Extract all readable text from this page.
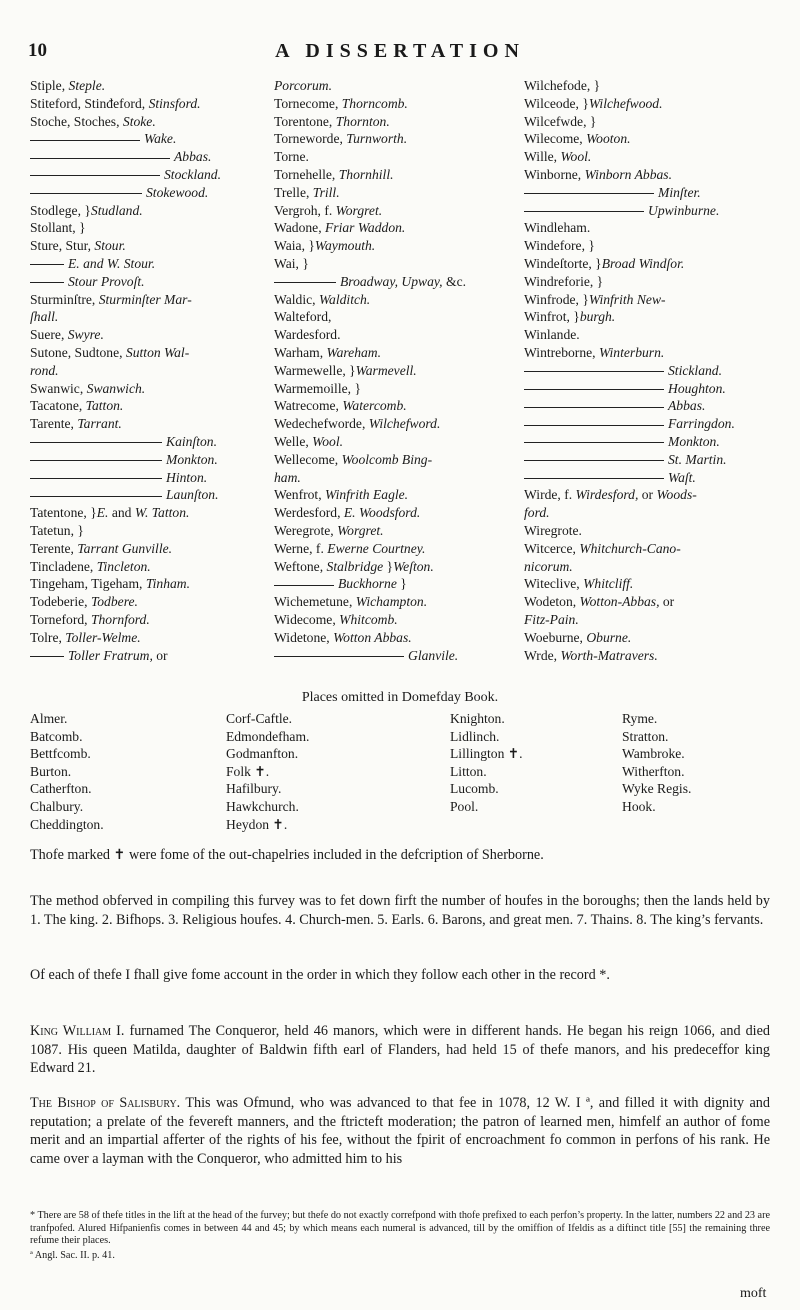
10	A DISSERTATION
Stiple, Steple.
Stiteford, Stinđeford, Stinsford.
Stoche, Stoches, Stoke.
Wake.
Abbas.
Stockland.
Stokewood.
Stodlege, }Studland.
Stollant, }
Sture, Stur, Stour.
E. and W. Stour.
Stour Provoſt.
Sturminſtre, Sturminſter Mar-
ſhall.
Suere, Swyre.
Sutone, Sudtone, Sutton Wal-
rond.
Swanwic, Swanwich.
Tacatone, Tatton.
Tarente, Tarrant.
Kainſton.
Monkton.
Hinton.
Launſton.
Tatentone, }E. and W. Tatton.
Tatetun, }
Terente, Tarrant Gunville.
Tincladene, Tincleton.
Tingeham, Tigeham, Tinham.
Todeberie, Todbere.
Torneford, Thornford.
Tolre, Toller-Welme.
Toller Fratrum, or
Porcorum.
Tornecome, Thorncomb.
Torentone, Thornton.
Torneworde, Turnworth.
Torne.
Tornehelle, Thornhill.
Trelle, Trill.
Vergroh, f. Worgret.
Wadone, Friar Waddon.
Waia, }Waymouth.
Wai, }
Broadway, Upway, &c.
Waldic, Walditch.
Walteford,
Wardesford.
Warham, Wareham.
Warmewelle, }Warmevell.
Warmemoille, }
Watrecome, Watercomb.
Wedechefworde, Wilchefword.
Welle, Wool.
Wellecome, Woolcomb Bing-
ham.
Wenfrot, Winfrith Eagle.
Werdesford, E. Woodsford.
Weregrote, Worgret.
Werne, f. Ewerne Courtney.
Weftone, Stalbridge }Weſton.
Buckhorne }
Wichemetune, Wichampton.
Widecome, Whitcomb.
Widetone, Wotton Abbas.
Glanvile.
Wilchefode, }
Wilceode, }Wilchefwood.
Wilcefwde, }
Wilecome, Wooton.
Wille, Wool.
Winborne, Winborn Abbas.
Minſter.
Upwinburne.
Windleham.
Windefore, }
Windeſtorte, }Broad Windſor.
Windreforie, }
Winfrode, }Winfrith New-
Winfrot, }burgh.
Winlande.
Wintreborne, Winterburn.
Stickland.
Houghton.
Abbas.
Farringdon.
Monkton.
St. Martin.
Waſt.
Wirde, f. Wirdesford, or Woods-
ford.
Wiregrote.
Witcerce, Whitchurch-Cano-
nicorum.
Witeclive, Whitcliff.
Wodeton, Wotton-Abbas, or
Fitz-Pain.
Woeburne, Oburne.
Wrde, Worth-Matravers.
Places omitted in Domefday Book.
Almer.
Batcomb.
Bettfcomb.
Burton.
Catherfton.
Chalbury.
Cheddington.
Corf-Caftle.
Edmondefham.
Godmanfton.
Folk ✝.
Hafilbury.
Hawkchurch.
Heydon ✝.
Knighton.
Lidlinch.
Lillington ✝.
Litton.
Lucomb.
Pool.
Ryme.
Stratton.
Wambroke.
Witherfton.
Wyke Regis.
Hook.
Thofe marked ✝ were fome of the out-chapelries included in the defcription of Sherborne.
The method obferved in compiling this furvey was to fet down firft the number of houfes in the boroughs; then the lands held by 1. The king. 2. Bifhops. 3. Religious houfes. 4. Church-men. 5. Earls. 6. Barons, and great men. 7. Thains. 8. The king’s fervants.
Of each of thefe I fhall give fome account in the order in which they follow each other in the record *.
King William I. furnamed The Conqueror, held 46 manors, which were in different hands. He began his reign 1066, and died 1087. His queen Matilda, daughter of Baldwin fifth earl of Flanders, had held 15 of thefe manors, and his predeceffor king Edward 21.
The Bishop of Salisbury. This was Ofmund, who was advanced to that fee in 1078, 12 W. I ª, and filled it with dignity and reputation; a prelate of the fevereft manners, and the ftricteft moderation; the patron of learned men, himfelf an author of fome merit and an impartial afferter of the rights of his fee, without the fpirit of encroachment fo common in perfons of his rank. He came over a layman with the Conqueror, who admitted him to his
* There are 58 of thefe titles in the lift at the head of the furvey; but thefe do not exactly correfpond with thofe prefixed to each perfon’s property. In the latter, numbers 22 and 23 are tranfpofed. Alured Hifpanienfis comes in between 44 and 45; by which means each numeral is advanced, till by the omiffion of Ifeldis as a diftinct title [55] the remaining three refume their places.
ª Angl. Sac. II. p. 41.
moft
